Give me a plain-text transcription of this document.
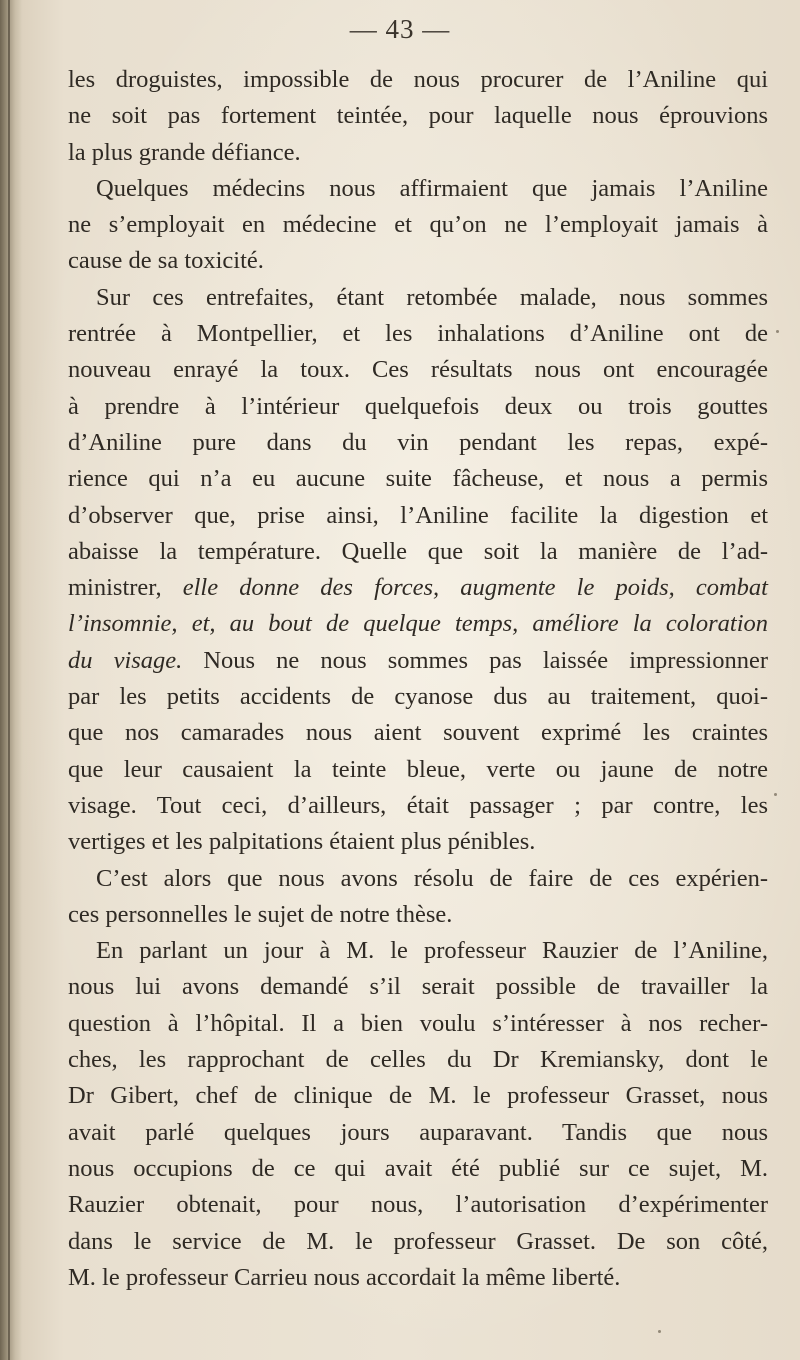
— 43 —
les droguistes, impossible de nous procurer de l’Aniline qui
ne soit pas fortement teintée, pour laquelle nous éprouvions
la plus grande défiance.
Quelques médecins nous affirmaient que jamais l’Aniline
ne s’employait en médecine et qu’on ne l’employait jamais à
cause de sa toxicité.
Sur ces entrefaites, étant retombée malade, nous sommes
rentrée à Montpellier, et les inhalations d’Aniline ont de
nouveau enrayé la toux. Ces résultats nous ont encouragée
à prendre à l’intérieur quelquefois deux ou trois gouttes
d’Aniline pure dans du vin pendant les repas, expé-
rience qui n’a eu aucune suite fâcheuse, et nous a permis
d’observer que, prise ainsi, l’Aniline facilite la digestion et
abaisse la température. Quelle que soit la manière de l’ad-
ministrer, elle donne des forces, augmente le poids, combat
l’insomnie, et, au bout de quelque temps, améliore la coloration
du visage. Nous ne nous sommes pas laissée impressionner
par les petits accidents de cyanose dus au traitement, quoi-
que nos camarades nous aient souvent exprimé les craintes
que leur causaient la teinte bleue, verte ou jaune de notre
visage. Tout ceci, d’ailleurs, était passager ; par contre, les
vertiges et les palpitations étaient plus pénibles.
C’est alors que nous avons résolu de faire de ces expérien-
ces personnelles le sujet de notre thèse.
En parlant un jour à M. le professeur Rauzier de l’Aniline,
nous lui avons demandé s’il serait possible de travailler la
question à l’hôpital. Il a bien voulu s’intéresser à nos recher-
ches, les rapprochant de celles du Dr Kremiansky, dont le
Dr Gibert, chef de clinique de M. le professeur Grasset, nous
avait parlé quelques jours auparavant. Tandis que nous
nous occupions de ce qui avait été publié sur ce sujet, M.
Rauzier obtenait, pour nous, l’autorisation d’expérimenter
dans le service de M. le professeur Grasset. De son côté,
M. le professeur Carrieu nous accordait la même liberté.
